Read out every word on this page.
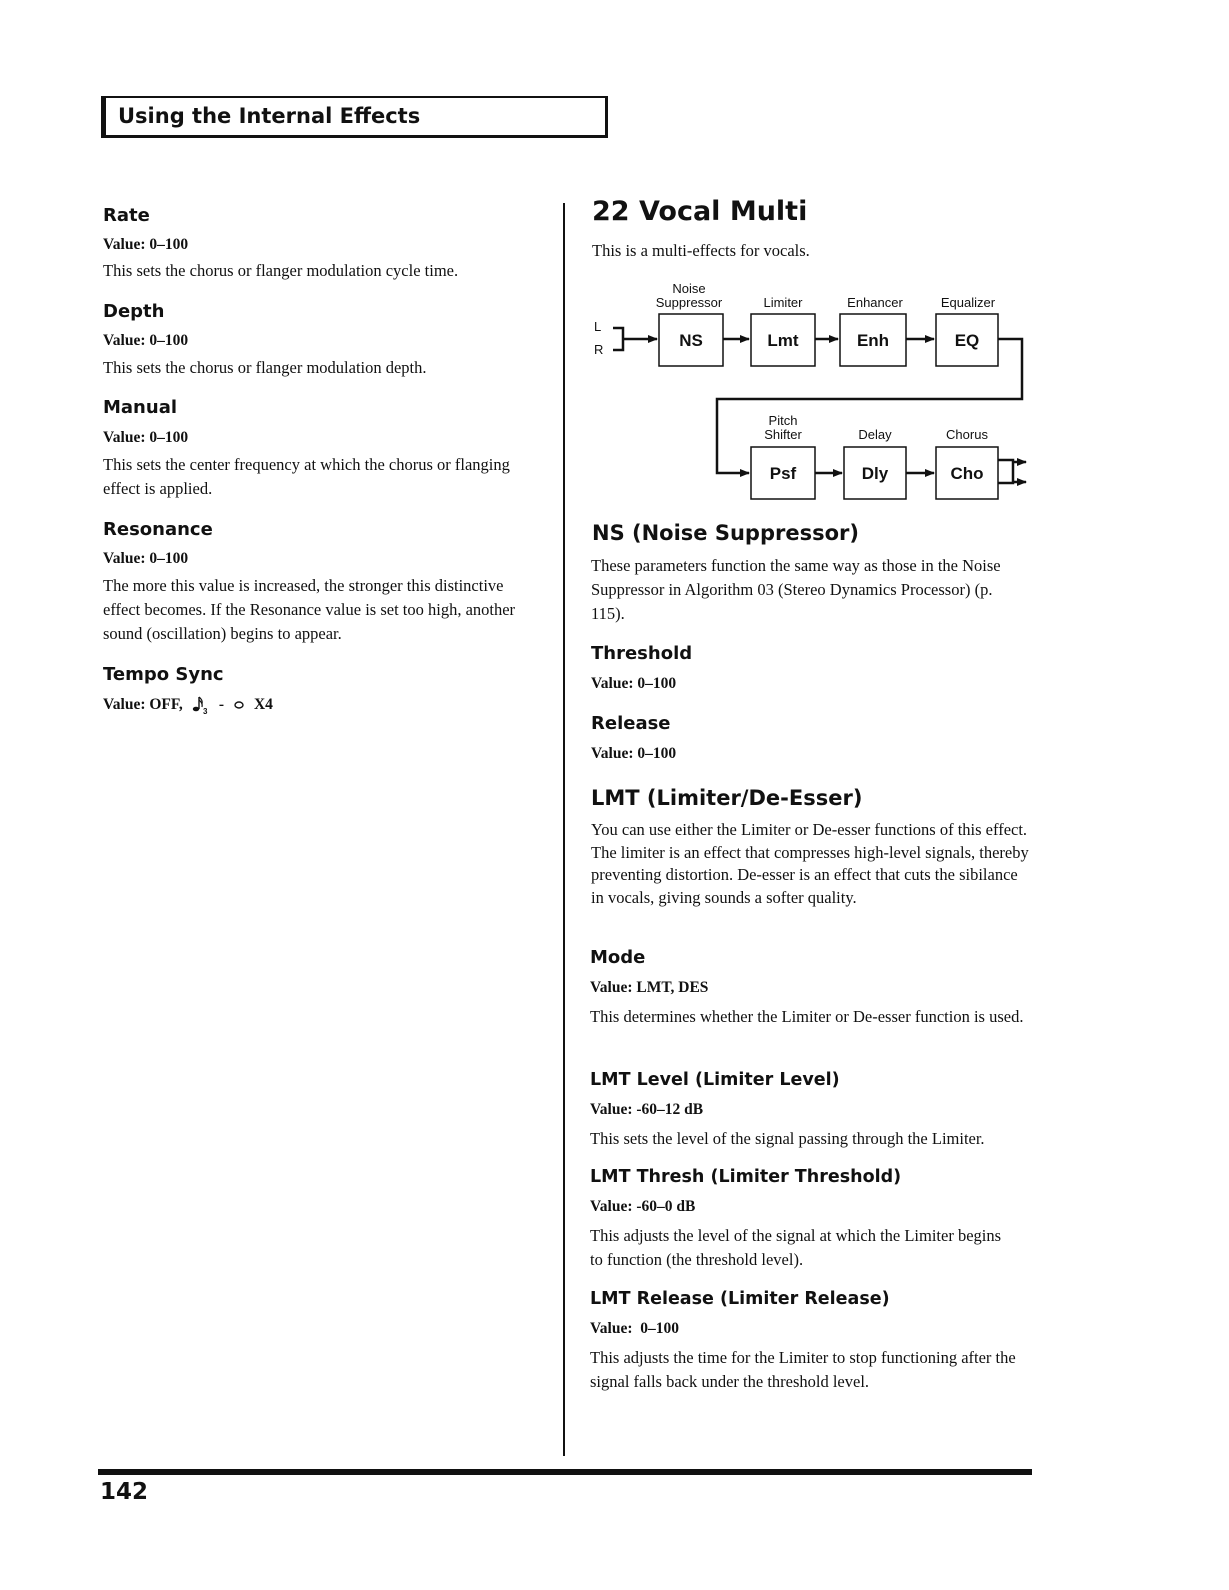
Using the Internal Effects
Rate
Value: 0–100
This sets the chorus or flanger modulation cycle time.
Depth
Value: 0–100
This sets the chorus or flanger modulation depth.
Manual
Value: 0–100
This sets the center frequency at which the chorus or flanging effect is applied.
Resonance
Value: 0–100
The more this value is increased, the stronger this distinctive effect becomes. If the Resonance value is set too high, another sound (oscillation) begins to appear.
Tempo Sync
Value: OFF,	3 - X4
22 Vocal Multi
This is a multi-effects for vocals.
L
R
Noise
Suppressor	Limiter	Enhancer	Equalizer
NS	Lmt	Enh	EQ
Pitch
Shifter	Delay	Chorus
Psf	Dly	Cho
NS (Noise Suppressor)
These parameters function the same way as those in the Noise Suppressor in Algorithm 03 (Stereo Dynamics Processor) (p. 115).
Threshold
Value: 0–100
Release
Value: 0–100
LMT (Limiter/De-Esser)
You can use either the Limiter or De-esser functions of this effect. The limiter is an effect that compresses high-level signals, thereby preventing distortion. De-esser is an effect that cuts the sibilance in vocals, giving sounds a softer quality.
Mode
Value: LMT, DES
This determines whether the Limiter or De-esser function is used.
LMT Level (Limiter Level)
Value: -60–12 dB
This sets the level of the signal passing through the Limiter.
LMT Thresh (Limiter Threshold)
Value: -60–0 dB
This adjusts the level of the signal at which the Limiter begins to function (the threshold level).
LMT Release (Limiter Release)
Value:  0–100
This adjusts the time for the Limiter to stop functioning after the signal falls back under the threshold level.
142
